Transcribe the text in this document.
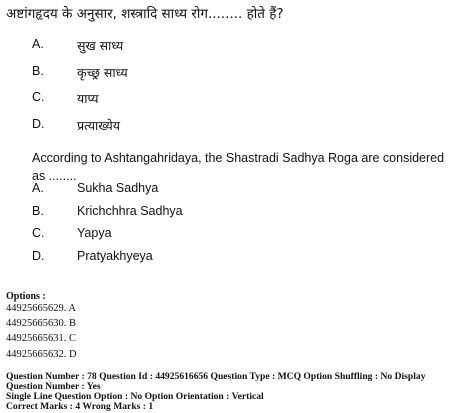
अष्टांगहृदय के अनुसार, शस्त्रादि साध्य रोग........ होते हैं?
A.	सुख साध्य
B.	कृच्छ्र साध्य
C.	याप्य
D.	प्रत्याख्येय
According to Ashtangahridaya, the Shastradi Sadhya Roga are considered
as ........
A.	Sukha Sadhya
B.	Krichchhra Sadhya
C.	Yapya
D.	Pratyakhyeya
Options :
44925665629. A
44925665630. B
44925665631. C
44925665632. D
Question Number : 78 Question Id : 44925616656 Question Type : MCQ Option Shuffling : No Display Question Number : Yes
Single Line Question Option : No Option Orientation : Vertical
Correct Marks : 4 Wrong Marks : 1
